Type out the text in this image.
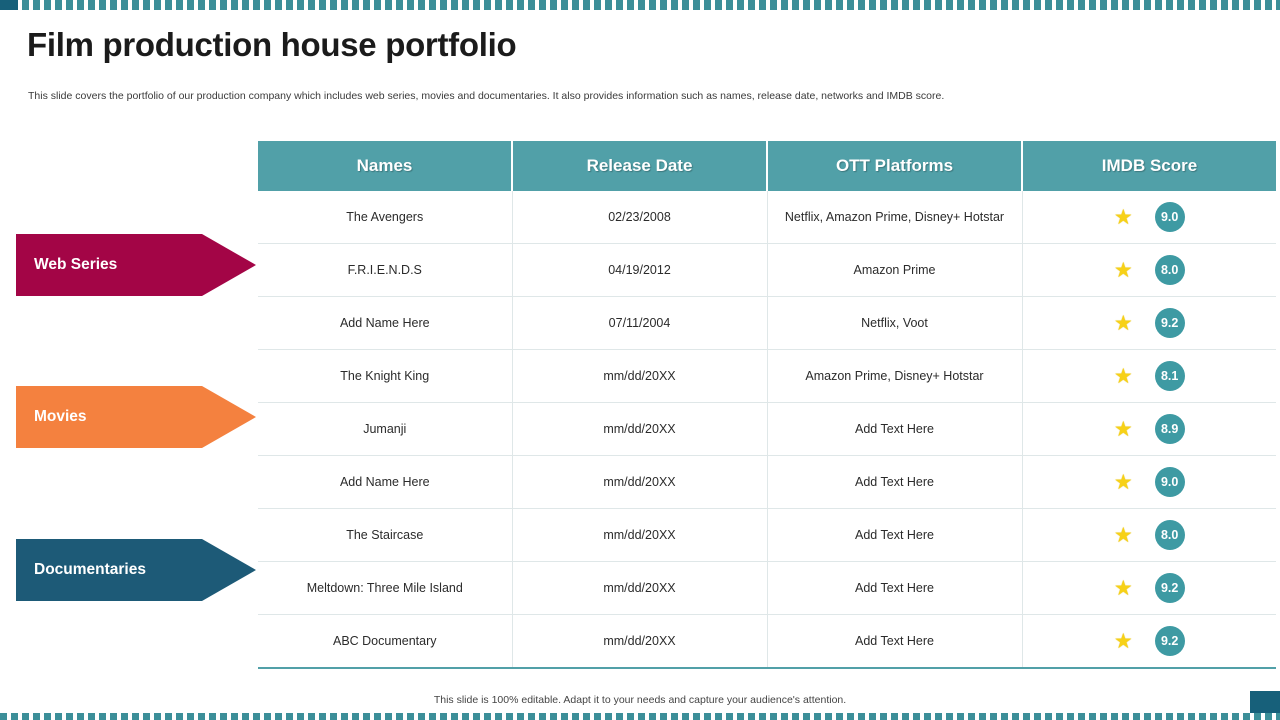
Film production house portfolio
This slide covers the portfolio of our production company which includes web series, movies and documentaries. It also provides information such as names, release date, networks and IMDB score.
Web Series
Movies
Documentaries
Names	Release Date	OTT Platforms	IMDB Score
The Avengers	02/23/2008	Netflix, Amazon Prime, Disney+ Hotstar	★ 9.0

F.R.I.E.N.D.S	04/19/2012	Amazon Prime	★ 8.0

Add Name Here	07/11/2004	Netflix, Voot	★ 9.2

The Knight King	mm/dd/20XX	Amazon Prime, Disney+ Hotstar	★ 8.1

Jumanji	mm/dd/20XX	Add Text Here	★ 8.9

Add Name Here	mm/dd/20XX	Add Text Here	★ 9.0

The Staircase	mm/dd/20XX	Add Text Here	★ 8.0

Meltdown: Three Mile Island	mm/dd/20XX	Add Text Here	★ 9.2

ABC Documentary	mm/dd/20XX	Add Text Here	★ 9.2
This slide is 100% editable. Adapt it to your needs and capture your audience's attention.
